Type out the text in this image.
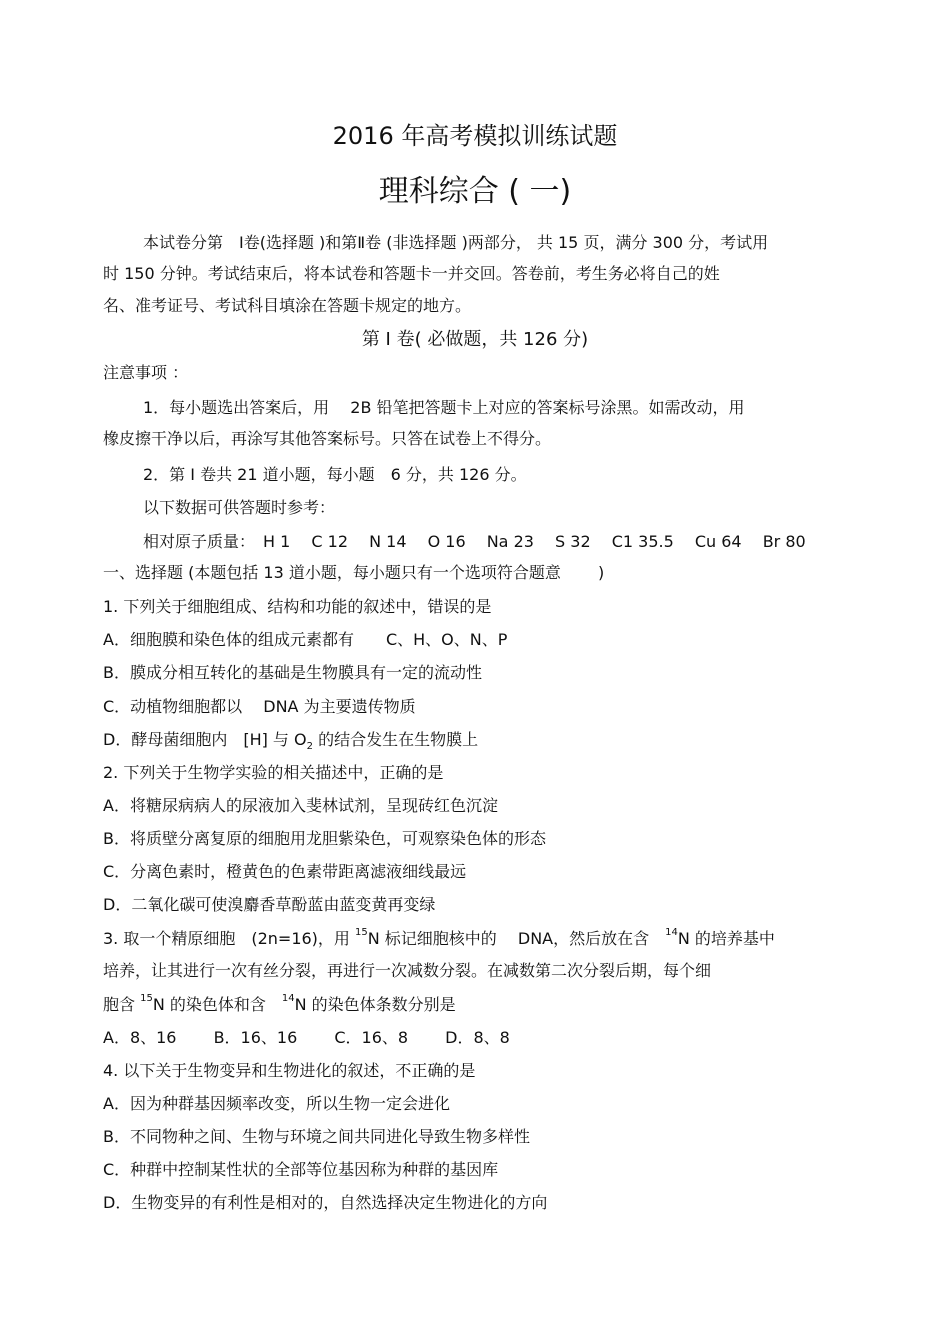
2016 年高考模拟训练试题
理科综合 ( 一)
本试卷分第　Ⅰ卷(选择题 )和第Ⅱ卷 (非选择题 )两部分， 共 15 页，满分 300 分，考试用
时 150 分钟。考试结束后，将本试卷和答题卡一并交回。答卷前，考生务必将自己的姓
名、准考证号、考试科目填涂在答题卡规定的地方。
第 Ⅰ 卷( 必做题，共 126 分)
注意事项 ：
1．每小题选出答案后，用　 2B 铅笔把答题卡上对应的答案标号涂黑。如需改动，用
橡皮擦干净以后，再涂写其他答案标号。只答在试卷上不得分。
2．第 Ⅰ 卷共 21 道小题，每小题　6 分，共 126 分。
以下数据可供答题时参考：
相对原子质量：　H 1　 C 12　 N 14　 O 16　 Na 23　 S 32　 C1 35.5　 Cu 64　 Br 80
一、选择题 (本题包括 13 道小题，每小题只有一个选项符合题意　　 )
1. 下列关于细胞组成、结构和功能的叙述中，错误的是
A．细胞膜和染色体的组成元素都有　　C、H、O、N、P
B．膜成分相互转化的基础是生物膜具有一定的流动性
C．动植物细胞都以　 DNA 为主要遗传物质
D．酵母菌细胞内　[H] 与 $O_2$ 的结合发生在生物膜上
2. 下列关于生物学实验的相关描述中，正确的是
A．将糖尿病病人的尿液加入斐林试剂，呈现砖红色沉淀
B．将质壁分离复原的细胞用龙胆紫染色，可观察染色体的形态
C．分离色素时，橙黄色的色素带距离滤液细线最远
D．二氧化碳可使溴麝香草酚蓝由蓝变黄再变绿
3. 取一个精原细胞　(2n=16)，用 $^{15}$N 标记细胞核中的　 DNA，然后放在含　$^{14}$N 的培养基中
培养，让其进行一次有丝分裂，再进行一次减数分裂。在减数第二次分裂后期，每个细
胞含 $^{15}$N 的染色体和含　$^{14}$N 的染色体条数分别是
A．8、16　　 B．16、16　　 C．16、8　　 D．8、8
4. 以下关于生物变异和生物进化的叙述，不正确的是
A．因为种群基因频率改变，所以生物一定会进化
B．不同物种之间、生物与环境之间共同进化导致生物多样性
C．种群中控制某性状的全部等位基因称为种群的基因库
D．生物变异的有利性是相对的，自然选择决定生物进化的方向
